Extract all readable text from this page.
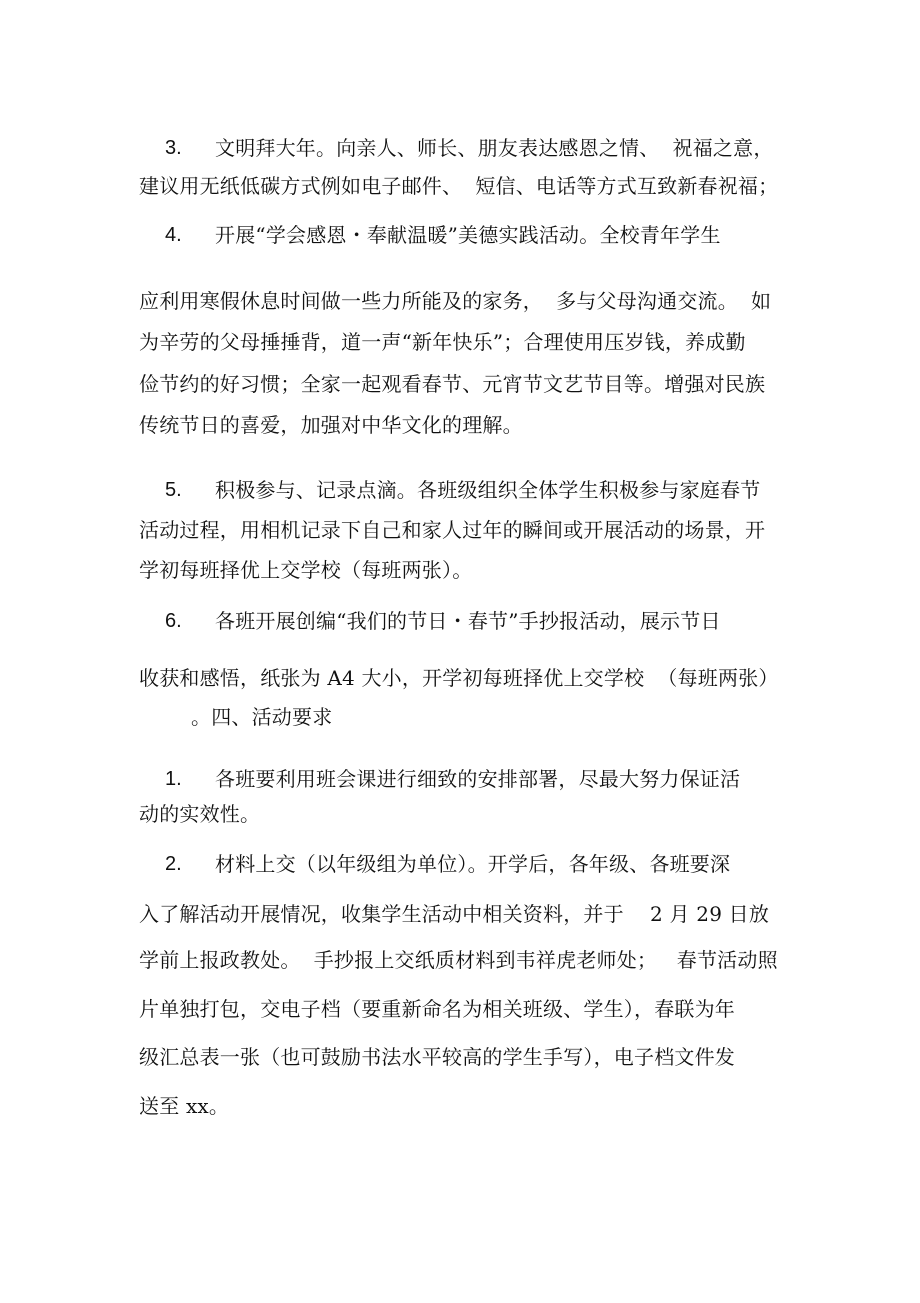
3. 文明拜大年。向亲人、师长、朋友表达感恩之情、  祝福之意，
建议用无纸低碳方式例如电子邮件、  短信、电话等方式互致新春祝福；
4. 开展“学会感恩・奉献温暖”美德实践活动。全校青年学生
应利用寒假休息时间做一些力所能及的家务，  多与父母沟通交流。  如
为辛劳的父母捶捶背，道一声“新年快乐”；合理使用压岁钱，养成勤
俭节约的好习惯；全家一起观看春节、元宵节文艺节目等。增强对民族
传统节日的喜爱，加强对中华文化的理解。
5. 积极参与、记录点滴。各班级组织全体学生积极参与家庭春节
活动过程，用相机记录下自己和家人过年的瞬间或开展活动的场景，开
学初每班择优上交学校（每班两张）。
6. 各班开展创编“我们的节日・春节”手抄报活动，展示节日
收获和感悟，纸张为 A4 大小，开学初每班择优上交学校  （每班两张）
。四、活动要求
1. 各班要利用班会课进行细致的安排部署，尽最大努力保证活
动的实效性。
2. 材料上交（以年级组为单位）。开学后，各年级、各班要深
入了解活动开展情况，收集学生活动中相关资料，并于    2 月 29 日放
学前上报政教处。  手抄报上交纸质材料到韦祥虎老师处；   春节活动照
片单独打包，交电子档（要重新命名为相关班级、学生），春联为年
级汇总表一张（也可鼓励书法水平较高的学生手写），电子档文件发
送至 xx。
